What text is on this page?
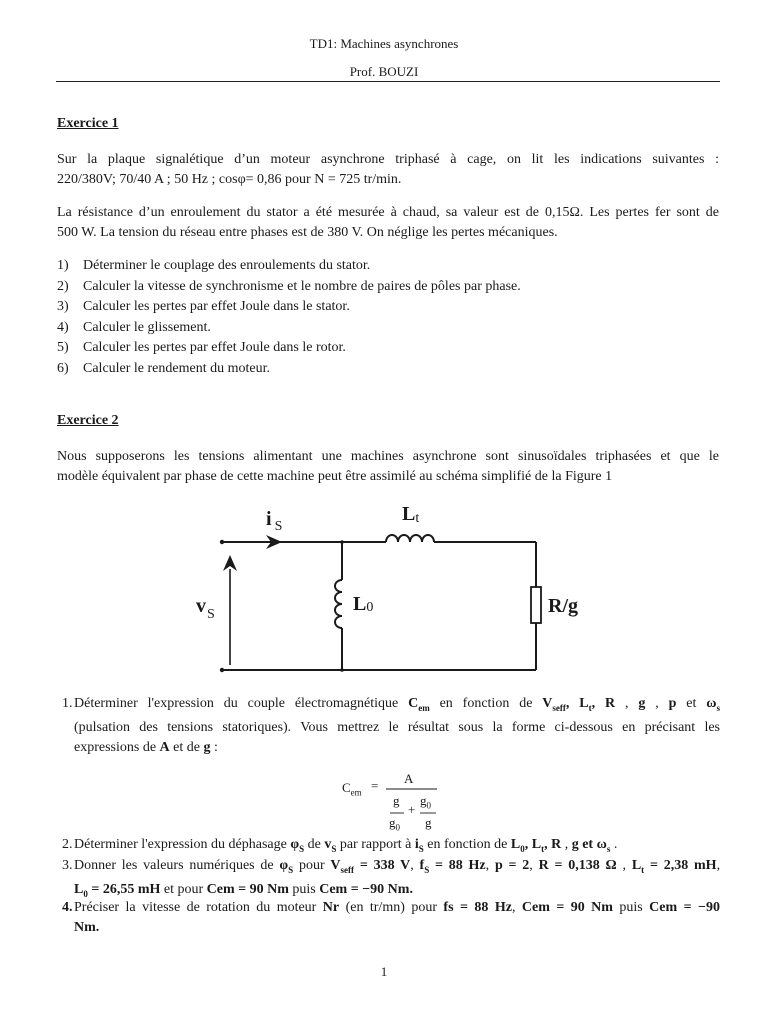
TD1: Machines asynchrones
Prof. BOUZI
Exercice 1

Sur la plaque signalétique d’un moteur asynchrone triphasé à cage, on lit les indications suivantes :
220/380V; 70/40 A ; 50 Hz ; cosφ= 0,86 pour N = 725 tr/min.

La résistance d’un enroulement du stator a été mesurée à chaud, sa valeur est de 0,15Ω. Les pertes fer sont de
500 W. La tension du réseau entre phases est de 380 V. On néglige les pertes mécaniques.

1) Déterminer le couplage des enroulements du stator.
2) Calculer la vitesse de synchronisme et le nombre de paires de pôles par phase.
3) Calculer les pertes par effet Joule dans le stator.
4) Calculer le glissement.
5) Calculer les pertes par effet Joule dans le rotor.
6) Calculer le rendement du moteur.
Exercice 2

Nous supposerons les tensions alimentant une machines asynchrone sont sinusoïdales triphasées et que le
modèle équivalent par phase de cette machine peut être assimilé au schéma simplifié de la Figure 1

i $_S$
$v_S$
Lt
L0	R/g
1. Déterminer l'expression du couple électromagnétique $C_{em}$ en fonction de $V_{seff}$, $L_t$, R , g , p et $\omega_s$
(pulsation des tensions statoriques). Vous mettrez le résultat sous la forme ci-dessous en précisant les
expressions de A et de g :
$C_{em} = A$
g
$g_0$
+
$g_0$
g
2. Déterminer l'expression du déphasage $\varphi_S$ de $v_S$ par rapport à $i_S$ en fonction de $L_0$, $L_t$, R , g et $\omega_s$ .
3. Donner les valeurs numériques de $\varphi_S$ pour $V_{seff} = 338$ V, $f_S = 88$ Hz, p = 2, R = 0,138 Ω , $L_t = 2,38$ mH,
$L_0 = 26,55$ mH et pour Cem = 90 Nm puis Cem = −90 Nm.
4. Préciser la vitesse de rotation du moteur Nr (en tr/mn) pour fs = 88 Hz, Cem = 90 Nm puis Cem = −90
Nm.
1
